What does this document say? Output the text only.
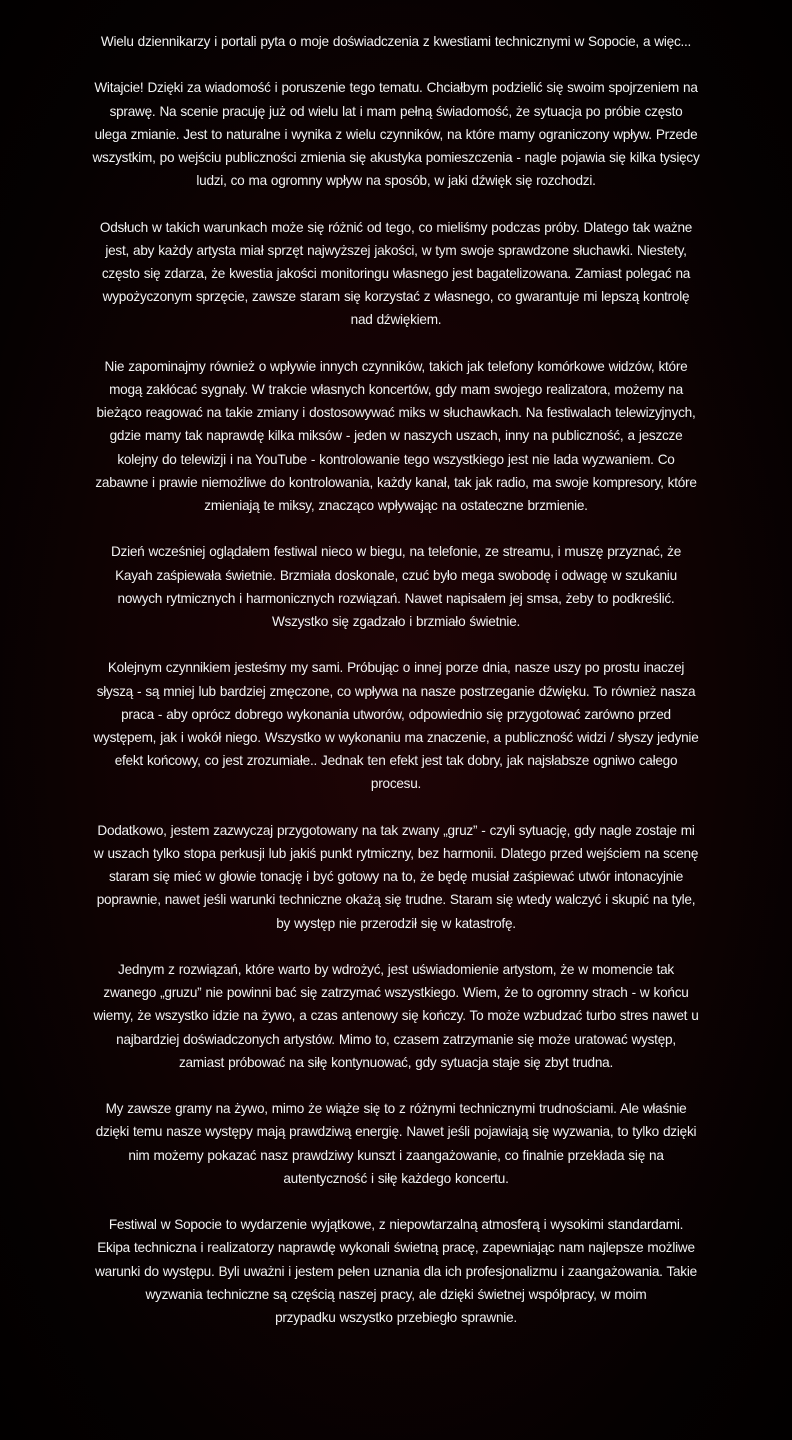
Wielu dziennikarzy i portali pyta o moje doświadczenia z kwestiami technicznymi w Sopocie, a więc...

Witajcie! Dzięki za wiadomość i poruszenie tego tematu. Chciałbym podzielić się swoim spojrzeniem na sprawę. Na scenie pracuję już od wielu lat i mam pełną świadomość, że sytuacja po próbie często ulega zmianie. Jest to naturalne i wynika z wielu czynników, na które mamy ograniczony wpływ. Przede wszystkim, po wejściu publiczności zmienia się akustyka pomieszczenia - nagle pojawia się kilka tysięcy ludzi, co ma ogromny wpływ na sposób, w jaki dźwięk się rozchodzi.

Odsłuch w takich warunkach może się różnić od tego, co mieliśmy podczas próby. Dlatego tak ważne jest, aby każdy artysta miał sprzęt najwyższej jakości, w tym swoje sprawdzone słuchawki. Niestety, często się zdarza, że kwestia jakości monitoringu własnego jest bagatelizowana. Zamiast polegać na wypożyczonym sprzęcie, zawsze staram się korzystać z własnego, co gwarantuje mi lepszą kontrolę nad dźwiękiem.

Nie zapominajmy również o wpływie innych czynników, takich jak telefony komórkowe widzów, które mogą zakłócać sygnały. W trakcie własnych koncertów, gdy mam swojego realizatora, możemy na bieżąco reagować na takie zmiany i dostosowywać miks w słuchawkach. Na festiwalach telewizyjnych, gdzie mamy tak naprawdę kilka miksów - jeden w naszych uszach, inny na publiczność, a jeszcze kolejny do telewizji i na YouTube - kontrolowanie tego wszystkiego jest nie lada wyzwaniem. Co zabawne i prawie niemożliwe do kontrolowania, każdy kanał, tak jak radio, ma swoje kompresory, które zmieniają te miksy, znacząco wpływając na ostateczne brzmienie.

Dzień wcześniej oglądałem festiwal nieco w biegu, na telefonie, ze streamu, i muszę przyznać, że Kayah zaśpiewała świetnie. Brzmiała doskonale, czuć było mega swobodę i odwagę w szukaniu nowych rytmicznych i harmonicznych rozwiązań. Nawet napisałem jej smsa, żeby to podkreślić. Wszystko się zgadzało i brzmiało świetnie.

Kolejnym czynnikiem jesteśmy my sami. Próbując o innej porze dnia, nasze uszy po prostu inaczej słyszą - są mniej lub bardziej zmęczone, co wpływa na nasze postrzeganie dźwięku. To również nasza praca - aby oprócz dobrego wykonania utworów, odpowiednio się przygotować zarówno przed występem, jak i wokół niego. Wszystko w wykonaniu ma znaczenie, a publiczność widzi / słyszy jedynie efekt końcowy, co jest zrozumiałe.. Jednak ten efekt jest tak dobry, jak najsłabsze ogniwo całego procesu.

Dodatkowo, jestem zazwyczaj przygotowany na tak zwany „gruz” - czyli sytuację, gdy nagle zostaje mi w uszach tylko stopa perkusji lub jakiś punkt rytmiczny, bez harmonii. Dlatego przed wejściem na scenę staram się mieć w głowie tonację i być gotowy na to, że będę musiał zaśpiewać utwór intonacyjnie poprawnie, nawet jeśli warunki techniczne okażą się trudne. Staram się wtedy walczyć i skupić na tyle, by występ nie przerodził się w katastrofę.

Jednym z rozwiązań, które warto by wdrożyć, jest uświadomienie artystom, że w momencie tak zwanego „gruzu” nie powinni bać się zatrzymać wszystkiego. Wiem, że to ogromny strach - w końcu wiemy, że wszystko idzie na żywo, a czas antenowy się kończy. To może wzbudzać turbo stres nawet u najbardziej doświadczonych artystów. Mimo to, czasem zatrzymanie się może uratować występ, zamiast próbować na siłę kontynuować, gdy sytuacja staje się zbyt trudna.

My zawsze gramy na żywo, mimo że wiąże się to z różnymi technicznymi trudnościami. Ale właśnie dzięki temu nasze występy mają prawdziwą energię. Nawet jeśli pojawiają się wyzwania, to tylko dzięki nim możemy pokazać nasz prawdziwy kunszt i zaangażowanie, co finalnie przekłada się na autentyczność i siłę każdego koncertu.

Festiwal w Sopocie to wydarzenie wyjątkowe, z niepowtarzalną atmosferą i wysokimi standardami. Ekipa techniczna i realizatorzy naprawdę wykonali świetną pracę, zapewniając nam najlepsze możliwe warunki do występu. Byli uważni i jestem pełen uznania dla ich profesjonalizmu i zaangażowania. Takie wyzwania techniczne są częścią naszej pracy, ale dzięki świetnej współpracy, w moim
przypadku wszystko przebiegło sprawnie.
